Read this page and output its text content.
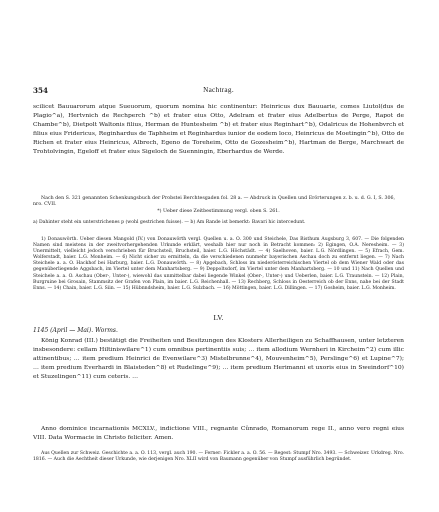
354	Nachtrag.

scilicet Bauuarorum atque Sueuorum, quorum nomina hic continentur: Heinricus dux Bauuarie, comes Liutol(dus de Plagio^a), Hertvnich de Rechperch ^b) et frater eius Otto, Adelram et frater eius Adelbertus de Perge, Rapot de Chambe^b), Dietpolt Waltonis filius, Herman de Huntesheim ^b) et frater eius Reginhart^b), Odalricus de Hohenbvrch et filius eius Fridericus, Reginhardus de Taphheim et Reginhardus iunior de eodem loco, Heinricus de Moetingin^b), Otto de Richen et frater eius Heinricus, Albrech, Egeno de Toreheim, Otto de Gozesheim^b), Hartman de Berge, Marchwart de Trohtolvingin, Egeloff et frater eius Sigeloch de Suenningin, Eberhardus de Werde.

Nach den S. 321 genannten Schenkungsbuch der Probstei Berchtesgaden fol. 28 a. — Abdruck in Quellen und Erörterungen z. b. u. d. G. I, S. 306, nro. CVII.

*) Ueber diese Zeitbestimmung vergl. oben S. 261.

a) Dahinter steht ein unterstrichenes p (wohl gestrichen fuisse). — b) Am Rande ist bemerkt: Bavari hic intercedunt.

1) Donauwörth. Ueber diesen Mangold (IV.) von Donauwörth vergl. Quellen u. a. O. 300 und Steichele, Das Bisthum Augsburg 3, 607. — Die folgenden Namen sind meistens in der zweitvorhergehenden Urkunde erklärt, weshalb hier nur noch in Betracht kommen: 2) Egingen, O.A. Neresheim. — 3) Unermittelt, vielleicht jedoch verschrieben für Bruchsteil, Bruchsteil, baier. L.G. Höchstädt. — 4) Saelhoven, baier. L.G. Nördlingen. — 5) Efrach, Gem. Wolferstadt, baier. L.G. Monheim. — 6) Nicht sicher zu ermitteln, da die verschiedenen nunmehr bayerischen Aschau doch zu entfernt liegen. — 7) Nach Steichele a. a. O. Hackhof bei Harburg, baier. L.G. Donauwörth. — 8) Apgebach, Schloss im niederösterreichischen Viertel ob dem Wiener Wald oder das gegenüberliegende Aggsbach, im Viertel unter dem Manhartsberg. — 9) Deppoltsdorf, im Viertel unter dem Manhartsberg. — 10 und 11) Nach Quellen und Steichele a. a. O. Aschau (Ober-, Unter-), wiewohl das unmittelbar dabei liegende Winkel (Ober-, Unter-) und Ueberlen, baier. L.G. Traunstein. — 12) Plain, Burgruine bei Grosain, Stammsitz der Grafen von Plain, im baier. L.G. Reichenhall. — 13) Rechberg, Schloss in Oesterreich ob der Enns, nahe bei der Stadt Enns. — 14) Chain, baier. L.G. Siin. — 15) Hübnndsheim, baier. L.G. Sulzbach. — 16) Möttingen, baier. L.G. Dillingen. — 17) Gosheim, baier. L.G. Monheim.

LV.
1145 (April — Mai). Worms.

König Konrad (III.) bestätigt die Freiheiten und Besitzungen des Klosters Allerheiligen zu Schaffhausen, unter letzteren insbesondere: cellam Hiltiniswilare^1) cum omnibus pertinentiis suis; … item allodium Wernheri in Kircheim^2) cum illic attinentibus; … item predium Heinrici de Evenwilare^3) Mistelbrunne^4), Mouvenheim^5), Perslinge^6) et Lupine^7); … item predium Everhardi in Blaisteden^8) et Rudelinge^9); … item predium Herimanni et uxoris eius in Sweindorf^10) et Stuzelingen^11) cum ceteris. …

Anno dominice incarnationis MCXLV., indictione VIII., regnante Cûnrado, Romanorum rege II., anno vero regni eius VIII. Data Wormacie in Christo feliciter. Amen.

Aus Quellen zur Schweiz. Geschichte a. a. O. 113, vergl. auch 190. — Ferner: Fickler a. a. O. 56. — Regest: Stumpf Nro. 3493. — Schweizer. Urkdreg. Nro. 1816. — Auch die Aechtheit dieser Urkunde, wie derjenigen Nro. XLII wird von Baumann gegenüber von Stumpf ausführlich begründet.
